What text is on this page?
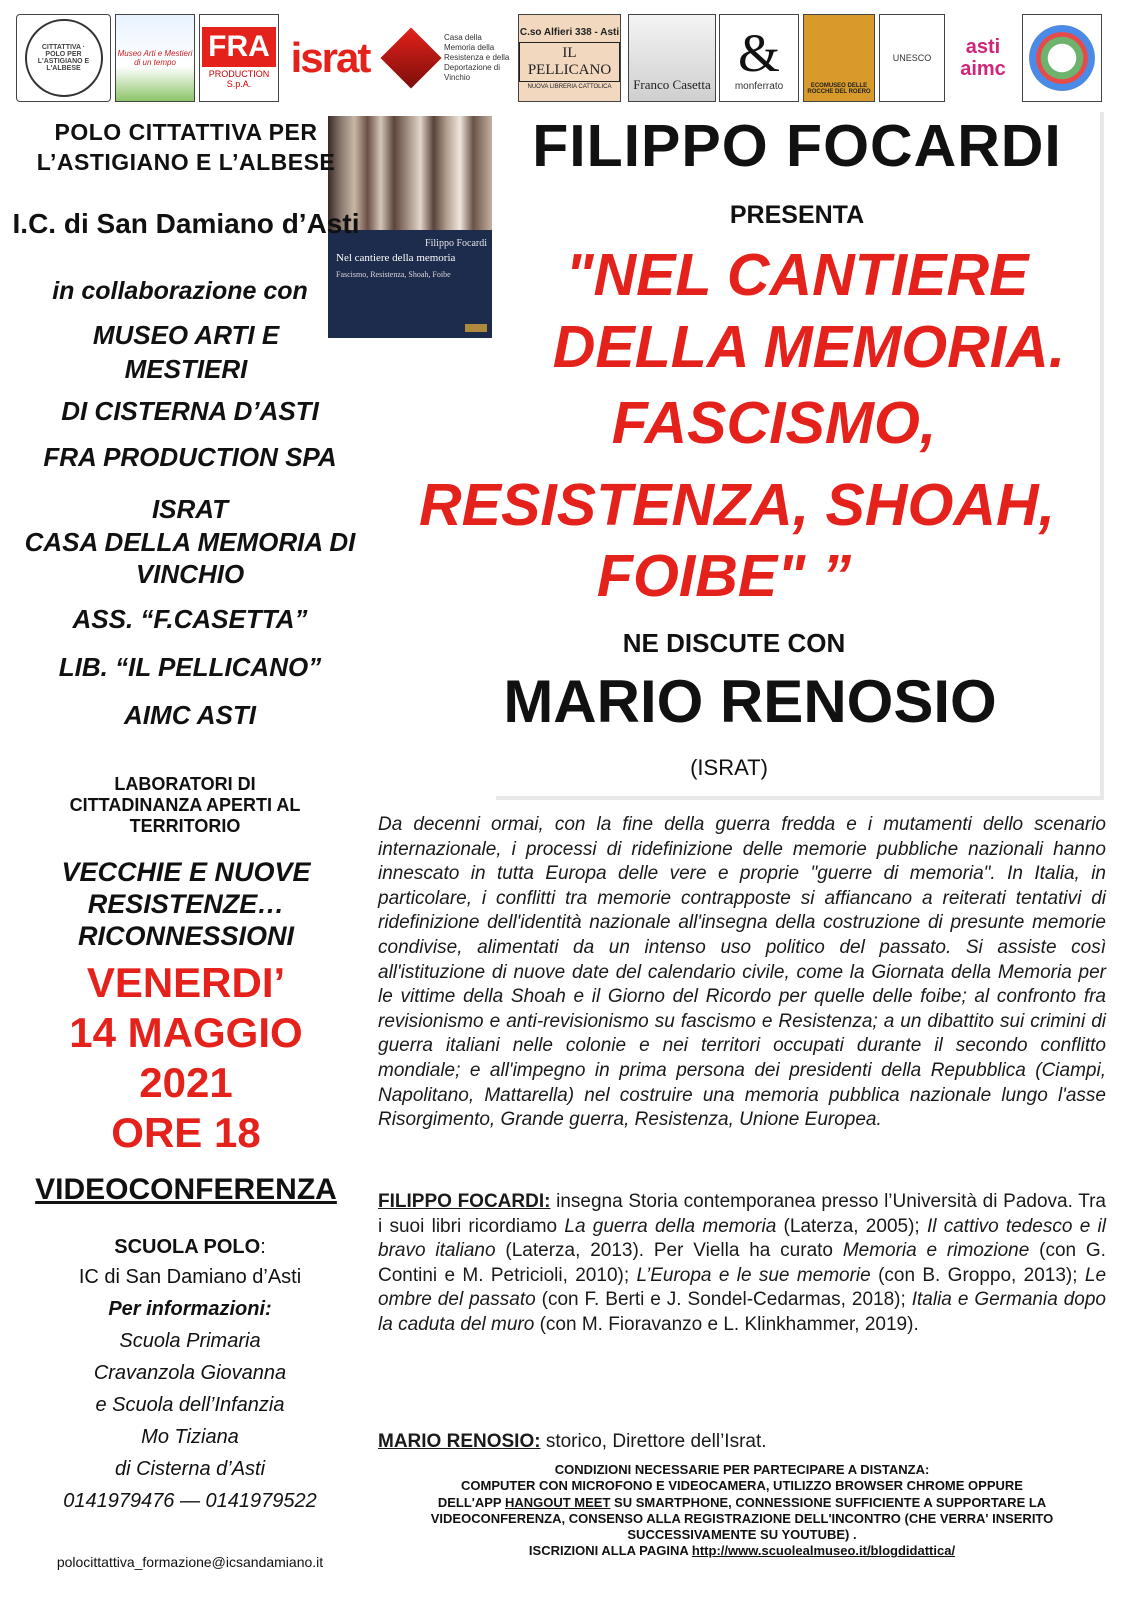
CITTATTIVA · POLO PER L'ASTIGIANO E L'ALBESE
Museo Arti e Mestieri di un tempo	FRA
PRODUCTION S.p.A.
israt	Casa della Memoria della Resistenza e della Deportazione di Vinchio
C.so Alfieri 338 - Asti
IL PELLICANO
NUOVA LIBRERIA CATTOLICA Franco Casetta
&
monferrato	ECOMUSEO DELLE ROCCHE DEL ROERO
UNESCO	asti aimc
Filippo Focardi
Nel cantiere della memoria
Fascismo, Resistenza, Shoah, Foibe
POLO CITTATTIVA PER L’ASTIGIANO E L’ALBESE
I.C. di San Damiano d’Asti
in collaborazione con
MUSEO ARTI E MESTIERI
DI CISTERNA D’ASTI
FRA PRODUCTION SPA
ISRAT
CASA DELLA MEMORIA DI VINCHIO
ASS. “F.CASETTA”
LIB. “IL PELLICANO”
AIMC ASTI
LABORATORI DI CITTADINANZA APERTI AL TERRITORIO
VECCHIE E NUOVE RESISTENZE… RICONNESSIONI
VENERDI’
14 MAGGIO
2021
ORE 18
VIDEOCONFERENZA
SCUOLA POLO:
IC di San Damiano d’Asti
Per informazioni:
Scuola Primaria
Cravanzola Giovanna
e Scuola dell’Infanzia
Mo Tiziana
di Cisterna d’Asti
0141979476 — 0141979522
polocittattiva_formazione@icsandamiano.it
FILIPPO FOCARDI
PRESENTA
"NEL CANTIERE
DELLA MEMORIA.
FASCISMO,
RESISTENZA, SHOAH,
FOIBE" ”
NE DISCUTE CON
MARIO RENOSIO
(ISRAT)
Da decenni ormai, con la fine della guerra fredda e i mutamenti dello scenario internazionale, i processi di ridefinizione delle memorie pubbliche nazionali hanno innescato in tutta Europa delle vere e proprie "guerre di memoria". In Italia, in particolare, i conflitti tra memorie contrapposte si affiancano a reiterati tentativi di ridefinizione dell'identità nazionale all'insegna della costruzione di presunte memorie condivise, alimentati da un intenso uso politico del passato. Si assiste così all'istituzione di nuove date del calendario civile, come la Giornata della Memoria per le vittime della Shoah e il Giorno del Ricordo per quelle delle foibe; al confronto fra revisionismo e anti-revisionismo su fascismo e Resistenza; a un dibattito sui crimini di guerra italiani nelle colonie e nei territori occupati durante il secondo conflitto mondiale; e all'impegno in prima persona dei presidenti della Repubblica (Ciampi, Napolitano, Mattarella) nel costruire una memoria pubblica nazionale lungo l'asse Risorgimento, Grande guerra, Resistenza, Unione Europea.
FILIPPO FOCARDI: insegna Storia contemporanea presso l’Università di Padova. Tra i suoi libri ricordiamo La guerra della memoria (Laterza, 2005); Il cattivo tedesco e il bravo italiano (Laterza, 2013). Per Viella ha curato Memoria e rimozione (con G. Contini e M. Petricioli, 2010); L’Europa e le sue memorie (con B. Groppo, 2013); Le ombre del passato (con F. Berti e J. Sondel-Cedarmas, 2018); Italia e Germania dopo la caduta del muro (con M. Fioravanzo e L. Klinkhammer, 2019).
MARIO RENOSIO: storico, Direttore dell’Israt.
CONDIZIONI NECESSARIE PER PARTECIPARE A DISTANZA:
COMPUTER CON MICROFONO E VIDEOCAMERA, UTILIZZO BROWSER CHROME OPPURE
DELL'APP HANGOUT MEET SU SMARTPHONE, CONNESSIONE SUFFICIENTE A SUPPORTARE LA
VIDEOCONFERENZA, CONSENSO ALLA REGISTRAZIONE DELL'INCONTRO (CHE VERRA' INSERITO SUCCESSIVAMENTE SU YOUTUBE) .
ISCRIZIONI ALLA PAGINA http://www.scuolealmuseo.it/blogdidattica/
